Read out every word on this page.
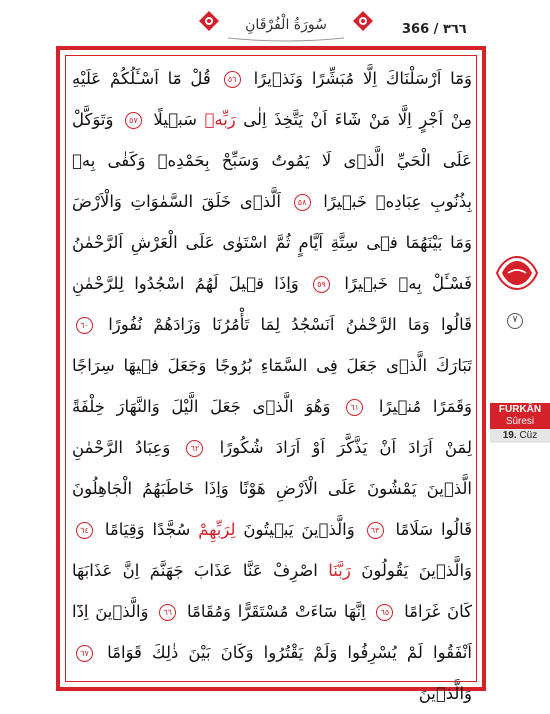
سُورَةُ الْفُرْقَانِ	366 / ٣٦٦
وَمَٓا اَرْسَلْنَاكَ اِلَّا مُبَشِّرًا وَنَذٖيرًا ٥٦ قُلْ مَٓا اَسْـَٔلُكُمْ عَلَيْهِ
مِنْ اَجْرٍ اِلَّا مَنْ شَٓاءَ اَنْ يَتَّخِذَ اِلٰى رَبِّهٖ سَبٖيلًا ٥٧ وَتَوَكَّلْ
عَلَى الْحَيِّ الَّذٖى لَا يَمُوتُ وَسَبِّحْ بِحَمْدِهٖ وَكَفٰى بِهٖ
بِذُنُوبِ عِبَادِهٖ خَبٖيرًا ٥٨ اَلَّذٖى خَلَقَ السَّمٰوَاتِ وَالْاَرْضَ
وَمَا بَيْنَهُمَا فٖى سِتَّةِ اَيَّامٍ ثُمَّ اسْتَوٰى عَلَى الْعَرْشِ اَلرَّحْمٰنُ
فَسْـَٔلْ بِهٖ خَبٖيرًا ٥٩ وَاِذَا قٖيلَ لَهُمُ اسْجُدُوا لِلرَّحْمٰنِ
قَالُوا وَمَا الرَّحْمٰنُ اَنَسْجُدُ لِمَا تَأْمُرُنَا وَزَادَهُمْ نُفُورًا ٦٠
تَبَارَكَ الَّذٖى جَعَلَ فِى السَّمَٓاءِ بُرُوجًا وَجَعَلَ فٖيهَا سِرَاجًا
وَقَمَرًا مُنٖيرًا ٦١ وَهُوَ الَّذٖى جَعَلَ الَّيْلَ وَالنَّهَارَ خِلْفَةً
لِمَنْ اَرَادَ اَنْ يَذَّكَّرَ اَوْ اَرَادَ شُكُورًا ٦٢ وَعِبَادُ الرَّحْمٰنِ
الَّذٖينَ يَمْشُونَ عَلَى الْاَرْضِ هَوْنًا وَاِذَا خَاطَبَهُمُ الْجَاهِلُونَ
قَالُوا سَلَامًا ٦٣ وَالَّذٖينَ يَبٖيتُونَ لِرَبِّهِمْ سُجَّدًا وَقِيَامًا ٦٤
وَالَّذٖينَ يَقُولُونَ رَبَّنَا اصْرِفْ عَنَّا عَذَابَ جَهَنَّمَ اِنَّ عَذَابَهَا
كَانَ غَرَامًا ٦٥ اِنَّهَا سَٓاءَتْ مُسْتَقَرًّا وَمُقَامًا ٦٦ وَالَّذٖينَ اِذَٓا
اَنْفَقُوا لَمْ يُسْرِفُوا وَلَمْ يَقْتُرُوا وَكَانَ بَيْنَ ذٰلِكَ قَوَامًا ٦٧
وَالَّذٖينَ
٧
FURKÂN
Sûresi
19. Cüz
